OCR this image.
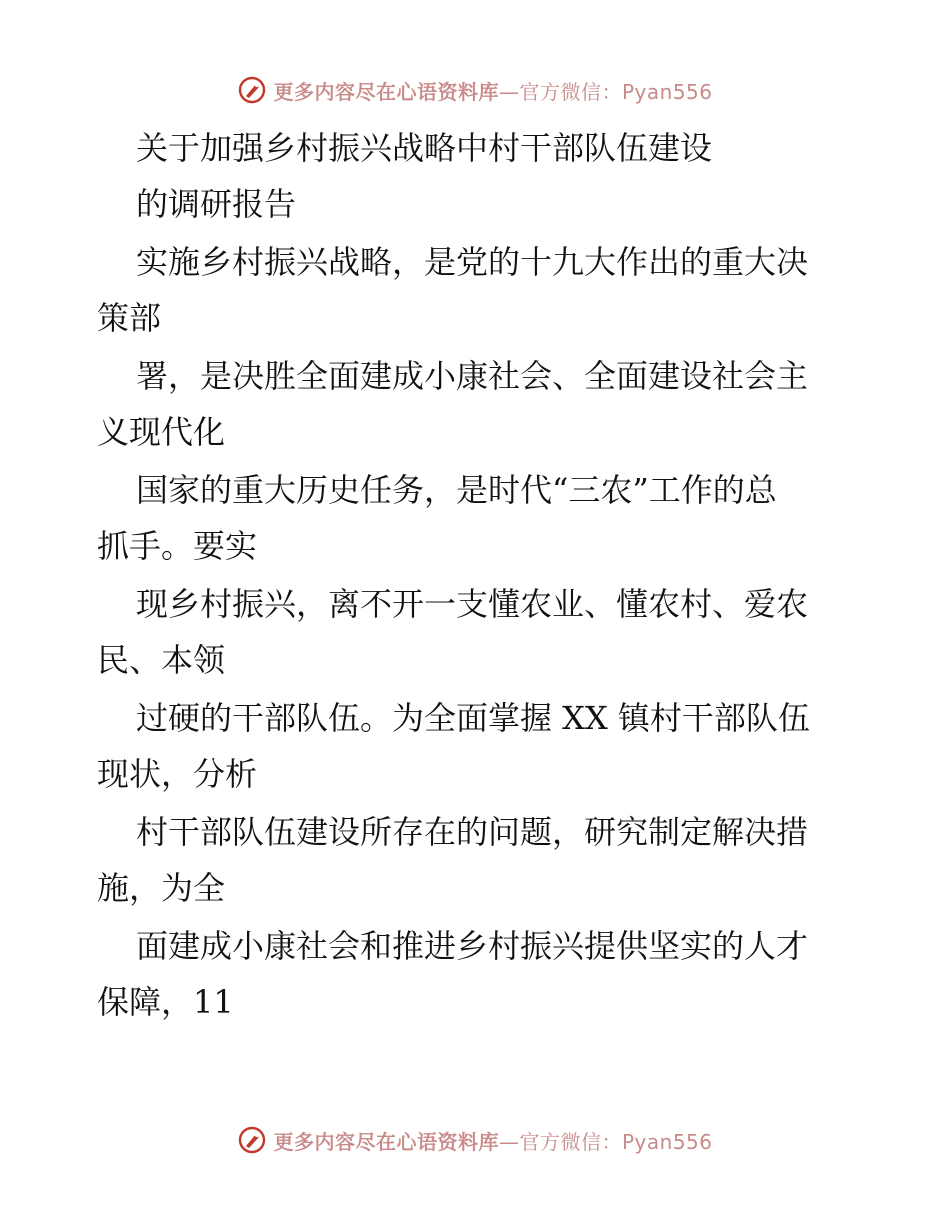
更多内容尽在心语资料库—官方微信：Pyan556
关于加强乡村振兴战略中村干部队伍建设
的调研报告
实施乡村振兴战略，是党的十九大作出的重大决
策部
署，是决胜全面建成小康社会、全面建设社会主
义现代化
国家的重大历史任务，是时代“三农”工作的总
抓手。要实
现乡村振兴，离不开一支懂农业、懂农村、爱农
民、本领
过硬的干部队伍。为全面掌握 XX 镇村干部队伍
现状，分析
村干部队伍建设所存在的问题，研究制定解决措
施，为全
面建成小康社会和推进乡村振兴提供坚实的人才
保障，11
更多内容尽在心语资料库—官方微信：Pyan556
